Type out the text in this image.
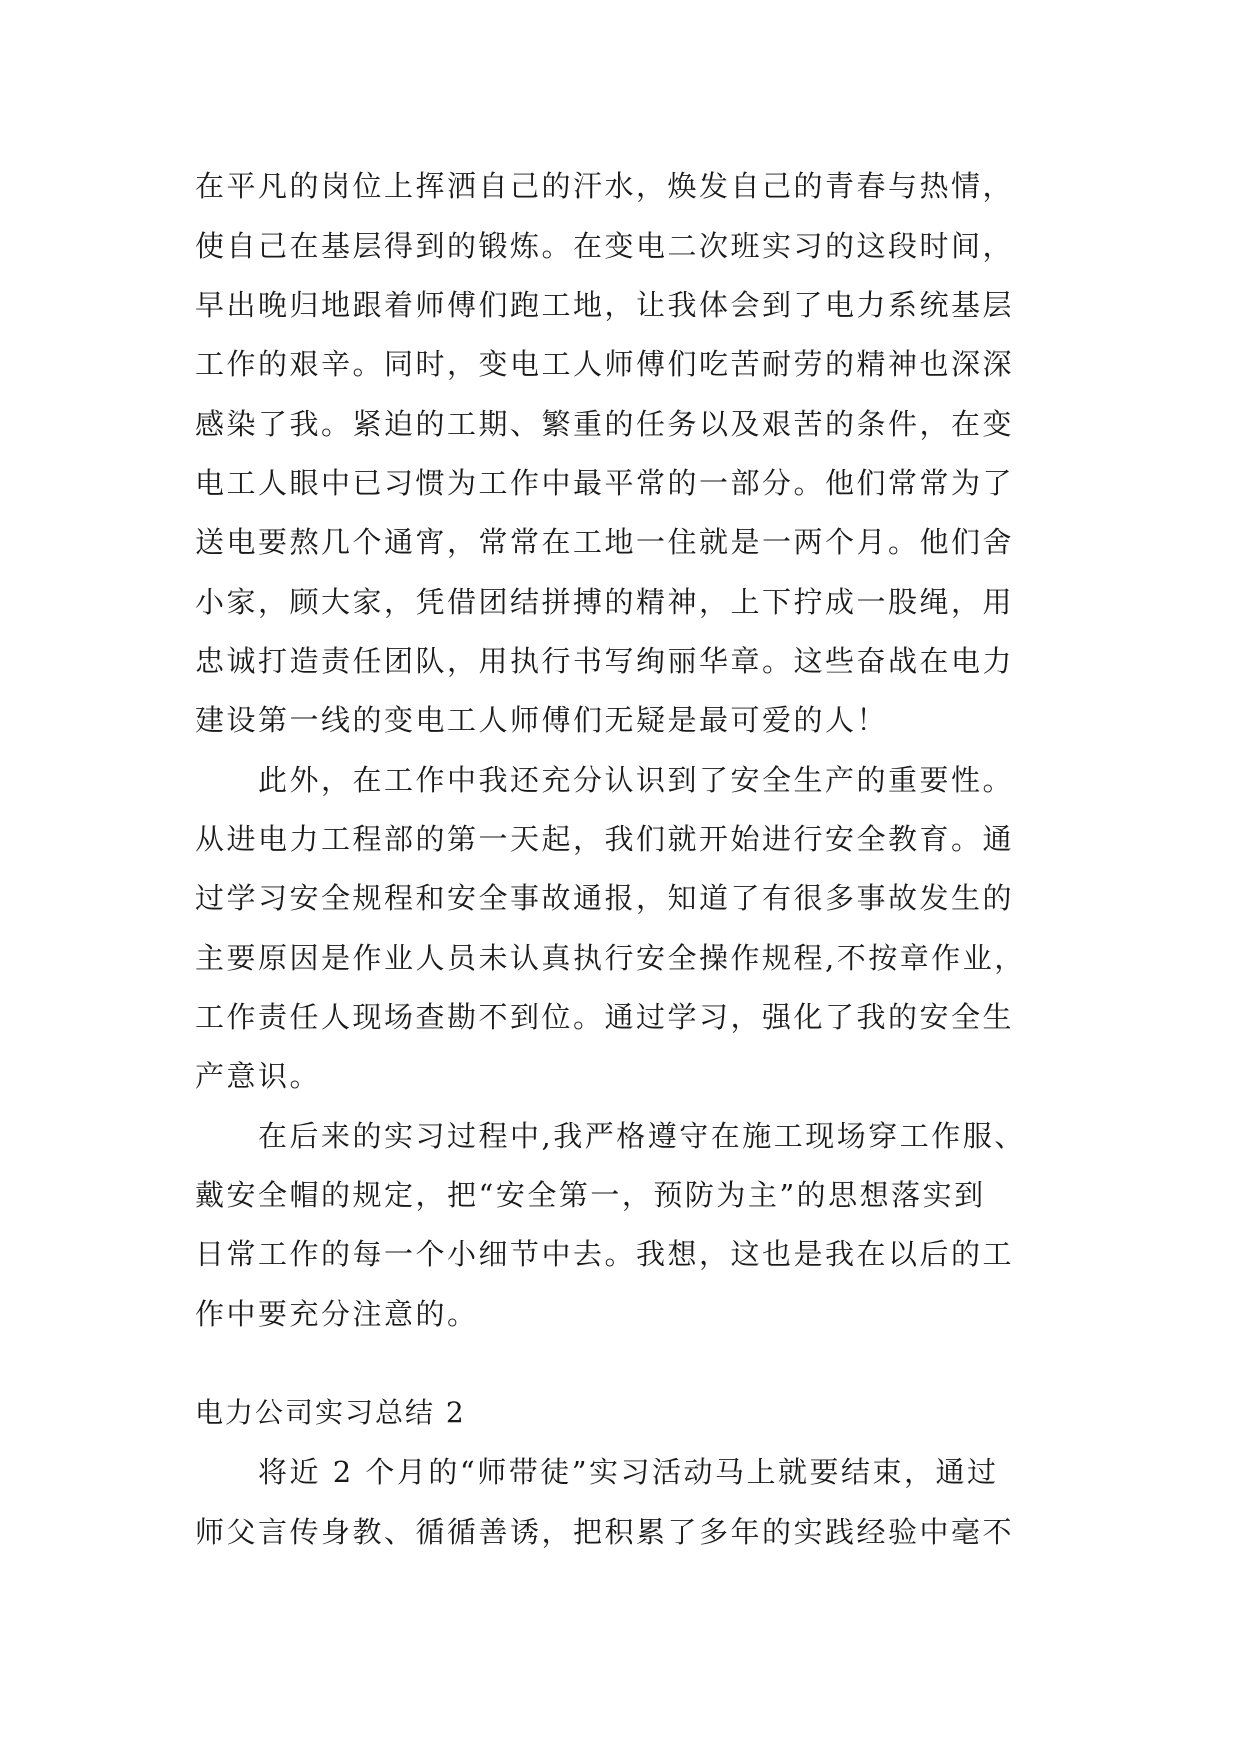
在平凡的岗位上挥洒自己的汗水，焕发自己的青春与热情，
使自己在基层得到的锻炼。在变电二次班实习的这段时间，
早出晚归地跟着师傅们跑工地，让我体会到了电力系统基层
工作的艰辛。同时，变电工人师傅们吃苦耐劳的精神也深深
感染了我。紧迫的工期、繁重的任务以及艰苦的条件，在变
电工人眼中已习惯为工作中最平常的一部分。他们常常为了
送电要熬几个通宵，常常在工地一住就是一两个月。他们舍
小家，顾大家，凭借团结拼搏的精神，上下拧成一股绳，用
忠诚打造责任团队，用执行书写绚丽华章。这些奋战在电力
建设第一线的变电工人师傅们无疑是最可爱的人！
此外，在工作中我还充分认识到了安全生产的重要性。
从进电力工程部的第一天起，我们就开始进行安全教育。通
过学习安全规程和安全事故通报，知道了有很多事故发生的
主要原因是作业人员未认真执行安全操作规程,不按章作业，
工作责任人现场查勘不到位。通过学习，强化了我的安全生
产意识。
在后来的实习过程中,我严格遵守在施工现场穿工作服、
戴安全帽的规定，把“安全第一，预防为主”的思想落实到
日常工作的每一个小细节中去。我想，这也是我在以后的工
作中要充分注意的。
电力公司实习总结 2
将近 2 个月的“师带徒”实习活动马上就要结束，通过
师父言传身教、循循善诱，把积累了多年的实践经验中毫不
